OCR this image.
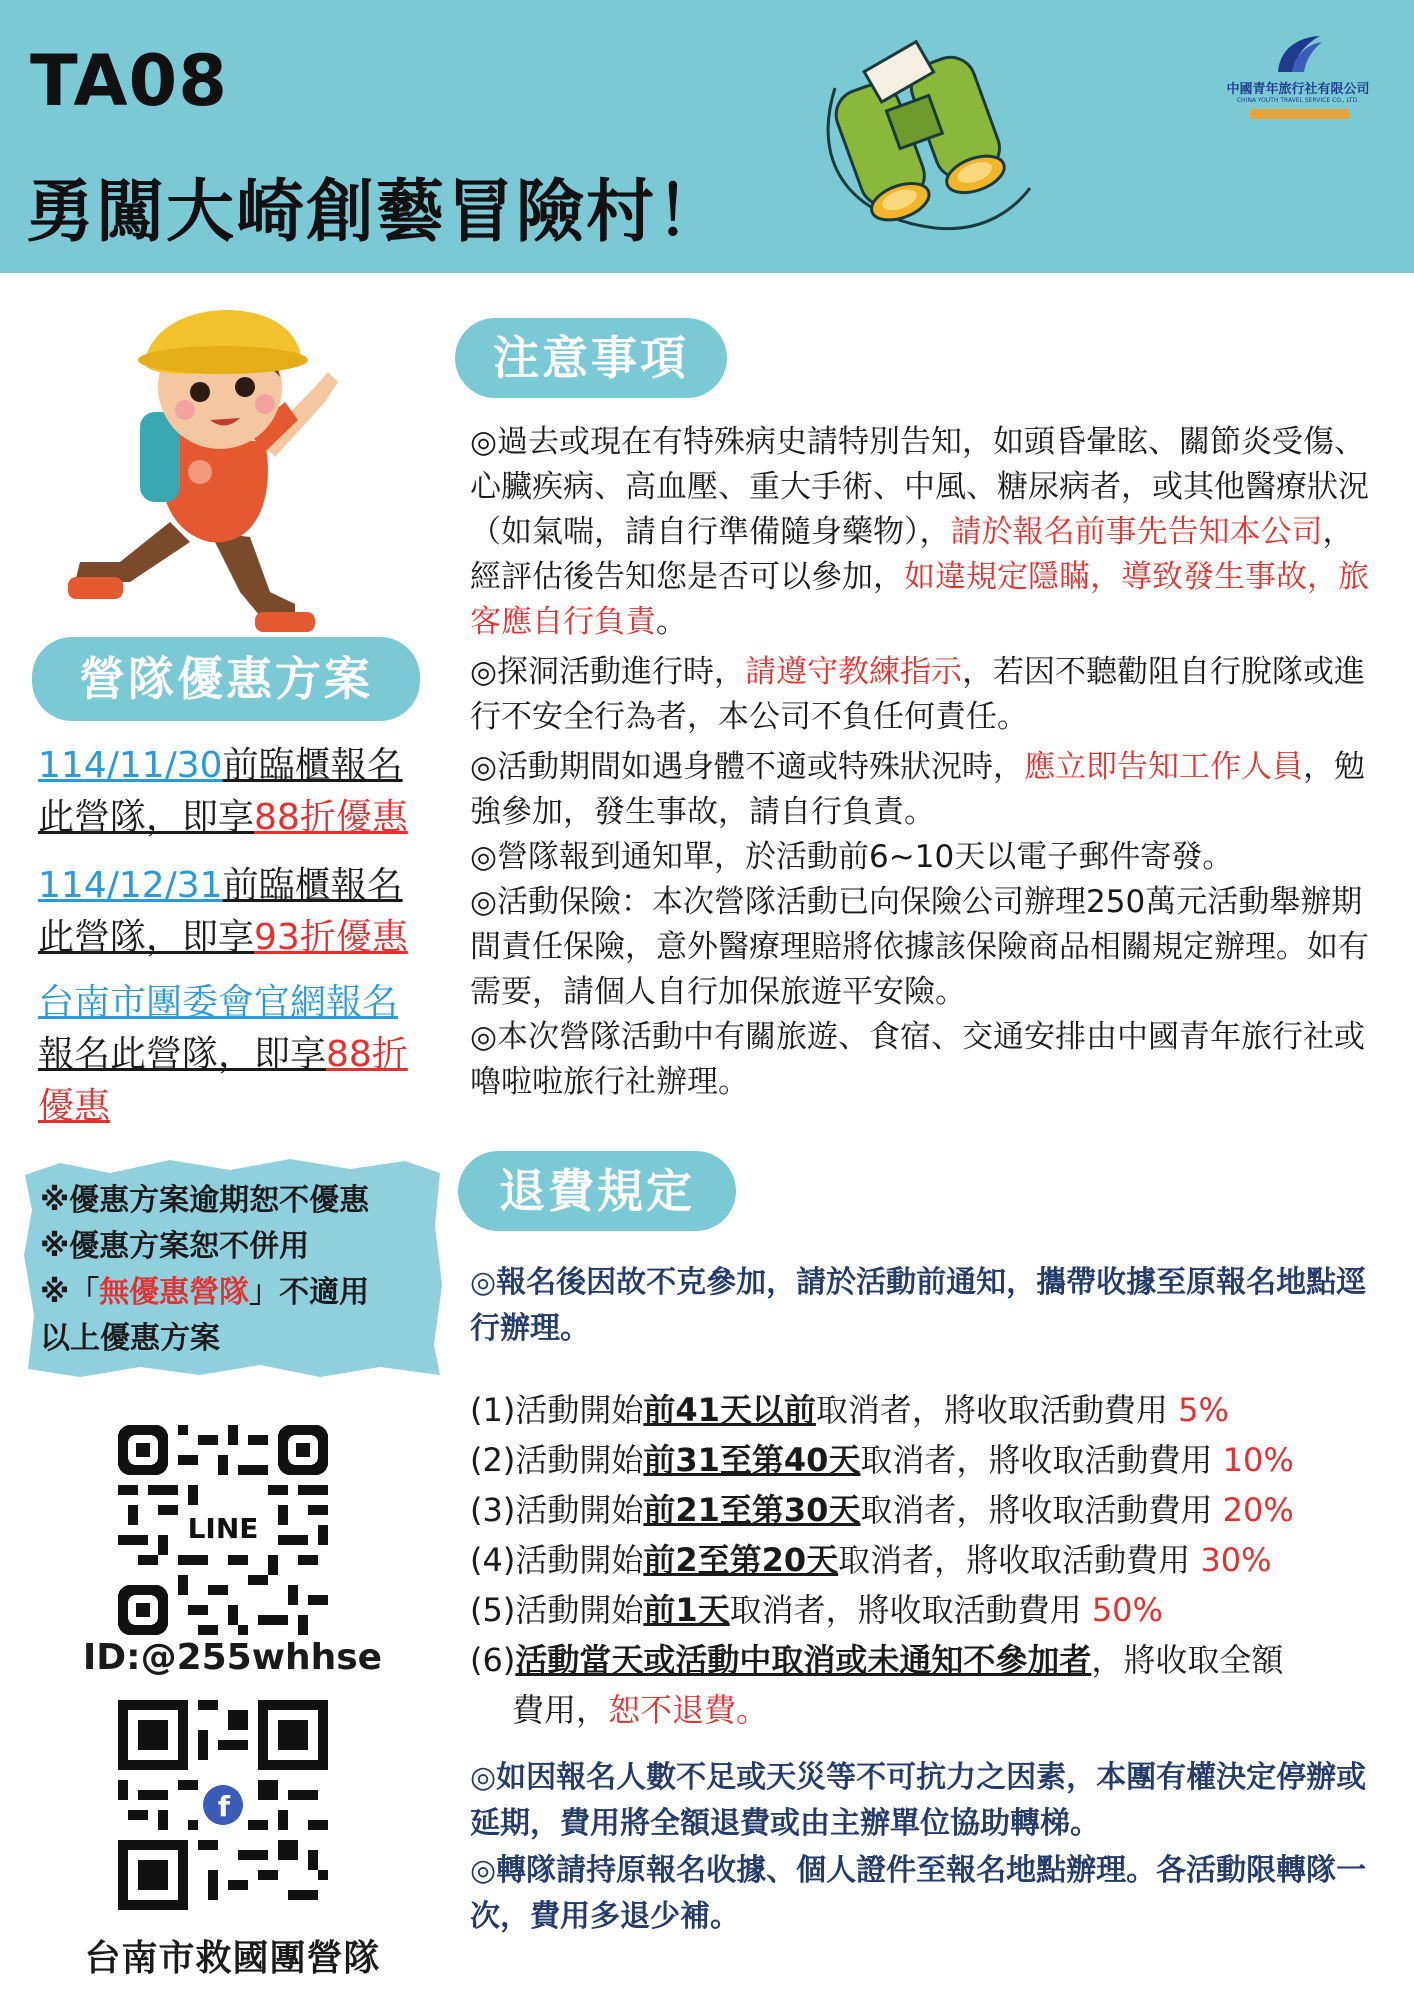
TA08
勇闖大崎創藝冒險村！
中國青年旅行社有限公司
CHINA YOUTH TRAVEL SERVICE CO., LTD.
營隊優惠方案
114/11/30前臨櫃報名
此營隊，即享88折優惠
114/12/31前臨櫃報名
此營隊，即享93折優惠
台南市團委會官網報名
報名此營隊，即享88折
優惠
※優惠方案逾期恕不優惠
※優惠方案恕不併用
※「無優惠營隊」不適用
以上優惠方案
LINE
ID:@255whhse
f
台南市救國團營隊
注意事項
◎過去或現在有特殊病史請特別告知，如頭昏暈眩、關節炎受傷、心臟疾病、高血壓、重大手術、中風、糖尿病者，或其他醫療狀況（如氣喘，請自行準備隨身藥物），請於報名前事先告知本公司，經評估後告知您是否可以參加，如違規定隱瞞，導致發生事故，旅客應自行負責。
◎探洞活動進行時，請遵守教練指示，若因不聽勸阻自行脫隊或進行不安全行為者，本公司不負任何責任。
◎活動期間如遇身體不適或特殊狀況時，應立即告知工作人員，勉強參加，發生事故，請自行負責。
◎營隊報到通知單，於活動前6~10天以電子郵件寄發。
◎活動保險：本次營隊活動已向保險公司辦理250萬元活動舉辦期間責任保險，意外醫療理賠將依據該保險商品相關規定辦理。如有需要，請個人自行加保旅遊平安險。
◎本次營隊活動中有關旅遊、食宿、交通安排由中國青年旅行社或嚕啦啦旅行社辦理。
退費規定
◎報名後因故不克參加，請於活動前通知，攜帶收據至原報名地點逕行辦理。
(1)活動開始前41天以前取消者，將收取活動費用 5%
(2)活動開始前31至第40天取消者，將收取活動費用 10%
(3)活動開始前21至第30天取消者，將收取活動費用 20%
(4)活動開始前2至第20天取消者，將收取活動費用 30%
(5)活動開始前1天取消者，將收取活動費用 50%
(6)活動當天或活動中取消或未通知不參加者，將收取全額
費用，恕不退費。
◎如因報名人數不足或天災等不可抗力之因素，本團有權決定停辦或延期，費用將全額退費或由主辦單位協助轉梯。
◎轉隊請持原報名收據、個人證件至報名地點辦理。各活動限轉隊一次，費用多退少補。
